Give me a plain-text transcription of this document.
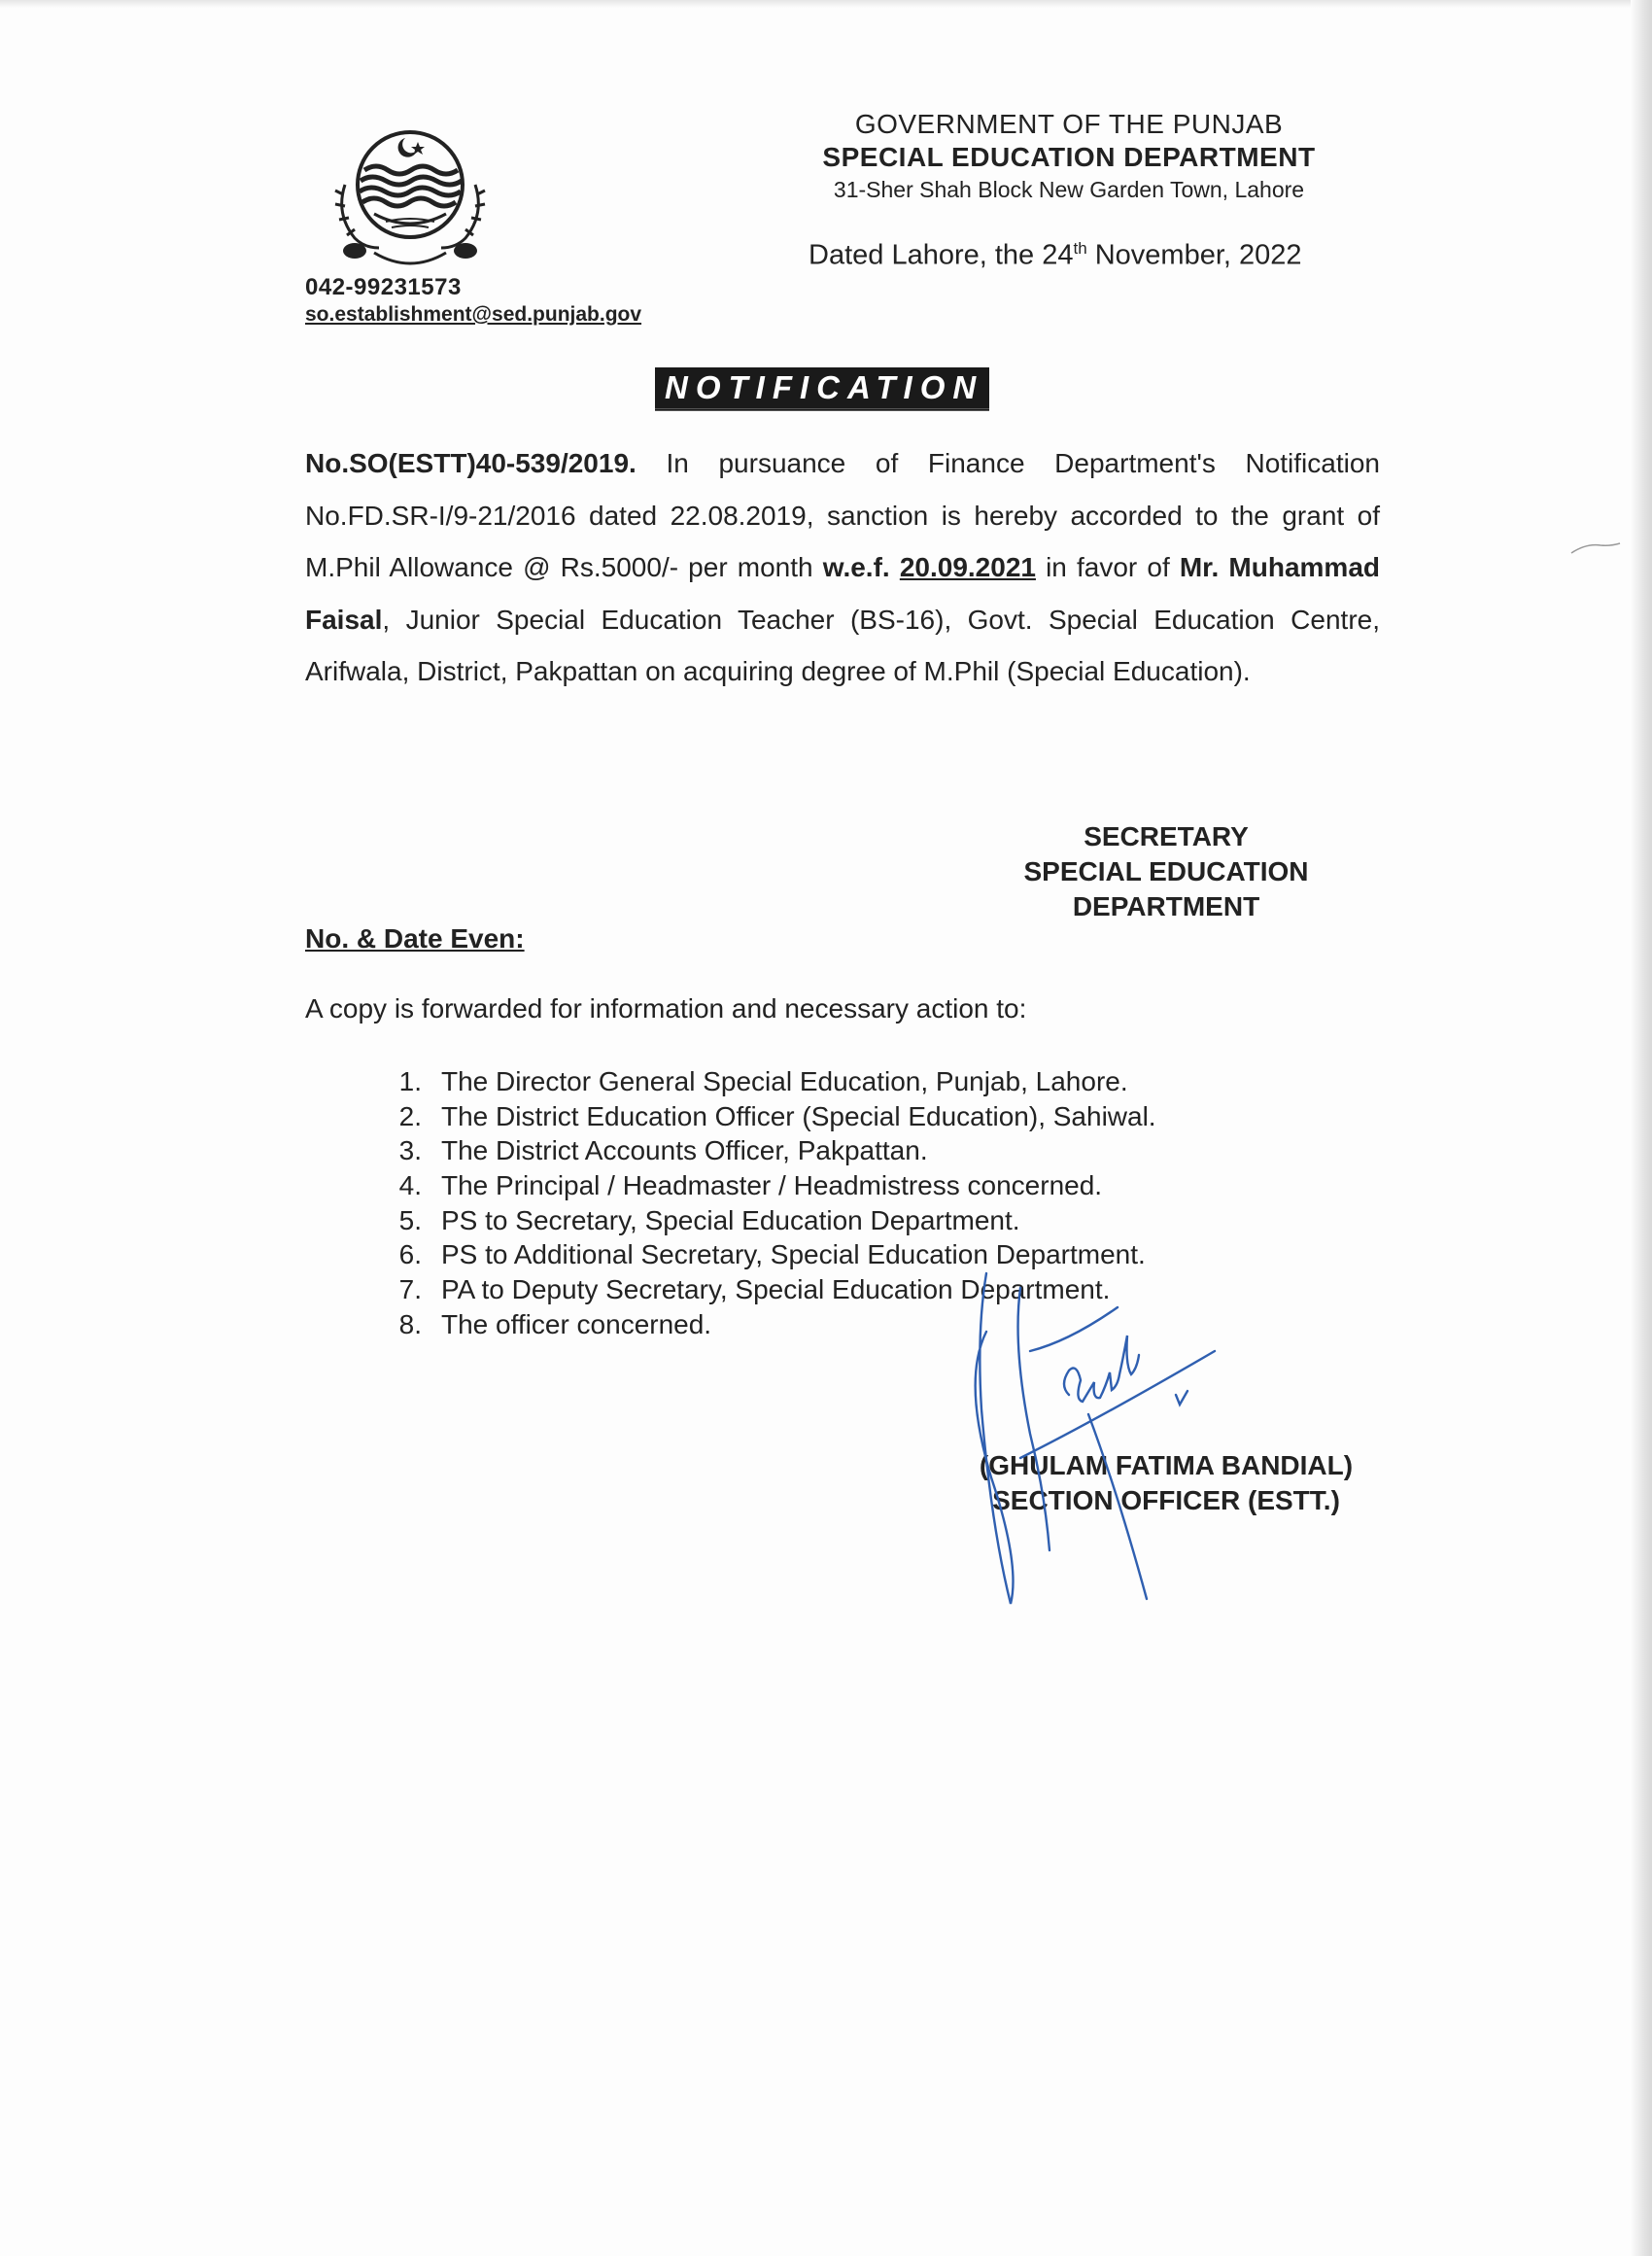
042-99231573
so.establishment@sed.punjab.gov
GOVERNMENT OF THE PUNJAB
SPECIAL EDUCATION DEPARTMENT
31-Sher Shah Block New Garden Town, Lahore
Dated Lahore, the 24th November, 2022
NOTIFICATION
No.SO(ESTT)40-539/2019. In pursuance of Finance Department's Notification No.FD.SR-I/9-21/2016 dated 22.08.2019, sanction is hereby accorded to the grant of M.Phil Allowance @ Rs.5000/- per month w.e.f. 20.09.2021 in favor of Mr. Muhammad Faisal, Junior Special Education Teacher (BS-16), Govt. Special Education Centre, Arifwala, District, Pakpattan on acquiring degree of M.Phil (Special Education).
SECRETARY
SPECIAL EDUCATION
DEPARTMENT
No. & Date Even:
A copy is forwarded for information and necessary action to:
1. The Director General Special Education, Punjab, Lahore.
2. The District Education Officer (Special Education), Sahiwal.
3. The District Accounts Officer, Pakpattan.
4. The Principal / Headmaster / Headmistress concerned.
5. PS to Secretary, Special Education Department.
6. PS to Additional Secretary, Special Education Department.
7. PA to Deputy Secretary, Special Education Department.
8. The officer concerned.
(GHULAM FATIMA BANDIAL)
SECTION OFFICER (ESTT.)
